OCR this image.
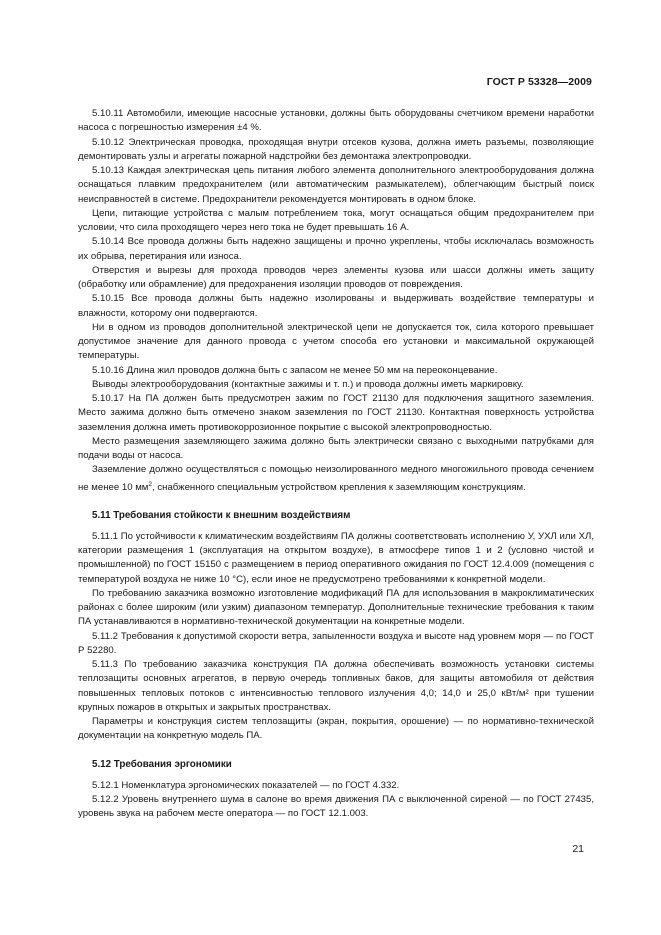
ГОСТ Р 53328—2009

5.10.11 Автомобили, имеющие насосные установки, должны быть оборудованы счетчиком времени наработки насоса с погрешностью измерения ±4 %.

5.10.12 Электрическая проводка, проходящая внутри отсеков кузова, должна иметь разъемы, позволяющие демонтировать узлы и агрегаты пожарной надстройки без демонтажа электропроводки.

5.10.13 Каждая электрическая цепь питания любого элемента дополнительного электрооборудования должна оснащаться плавким предохранителем (или автоматическим размыкателем), облегчающим быстрый поиск неисправностей в системе. Предохранители рекомендуется монтировать в одном блоке.

Цепи, питающие устройства с малым потреблением тока, могут оснащаться общим предохранителем при условии, что сила проходящего через него тока не будет превышать 16 А.

5.10.14 Все провода должны быть надежно защищены и прочно укреплены, чтобы исключалась возможность их обрыва, перетирания или износа.

Отверстия и вырезы для прохода проводов через элементы кузова или шасси должны иметь защиту (обработку или обрамление) для предохранения изоляции проводов от повреждения.

5.10.15 Все провода должны быть надежно изолированы и выдерживать воздействие температуры и влажности, которому они подвергаются.

Ни в одном из проводов дополнительной электрической цепи не допускается ток, сила которого превышает допустимое значение для данного провода с учетом способа его установки и максимальной окружающей температуры.

5.10.16 Длина жил проводов должна быть с запасом не менее 50 мм на переоконцевание.

Выводы электрооборудования (контактные зажимы и т. п.) и провода должны иметь маркировку.

5.10.17 На ПА должен быть предусмотрен зажим по ГОСТ 21130 для подключения защитного заземления. Место зажима должно быть отмечено знаком заземления по ГОСТ 21130. Контактная поверхность устройства заземления должна иметь противокоррозионное покрытие с высокой электропроводностью.

Место размещения заземляющего зажима должно быть электрически связано с выходными патрубками для подачи воды от насоса.

Заземление должно осуществляться с помощью неизолированного медного многожильного провода сечением не менее 10 $мм^2$, снабженного специальным устройством крепления к заземляющим конструкциям.

5.11 Требования стойкости к внешним воздействиям

5.11.1 По устойчивости к климатическим воздействиям ПА должны соответствовать исполнению У, УХЛ или ХЛ, категории размещения 1 (эксплуатация на открытом воздухе), в атмосфере типов 1 и 2 (условно чистой и промышленной) по ГОСТ 15150 с размещением в период оперативного ожидания по ГОСТ 12.4.009 (помещения с температурой воздуха не ниже 10 °С), если иное не предусмотрено требованиями к конкретной модели.

По требованию заказчика возможно изготовление модификаций ПА для использования в макроклиматических районах с более широким (или узким) диапазоном температур. Дополнительные технические требования к таким ПА устанавливаются в нормативно-технической документации на конкретные модели.

5.11.2 Требования к допустимой скорости ветра, запыленности воздуха и высоте над уровнем моря — по ГОСТ Р 52280.

5.11.3 По требованию заказчика конструкция ПА должна обеспечивать возможность установки системы теплозащиты основных агрегатов, в первую очередь топливных баков, для защиты автомобиля от действия повышенных тепловых потоков с интенсивностью теплового излучения 4,0; 14,0 и 25,0 кВт/м² при тушении крупных пожаров в открытых и закрытых пространствах.

Параметры и конструкция систем теплозащиты (экран, покрытия, орошение) — по нормативно-технической документации на конкретную модель ПА.

5.12 Требования эргономики

5.12.1 Номенклатура эргономических показателей — по ГОСТ 4.332.

5.12.2 Уровень внутреннего шума в салоне во время движения ПА с выключенной сиреной — по ГОСТ 27435, уровень звука на рабочем месте оператора — по ГОСТ 12.1.003.

21
